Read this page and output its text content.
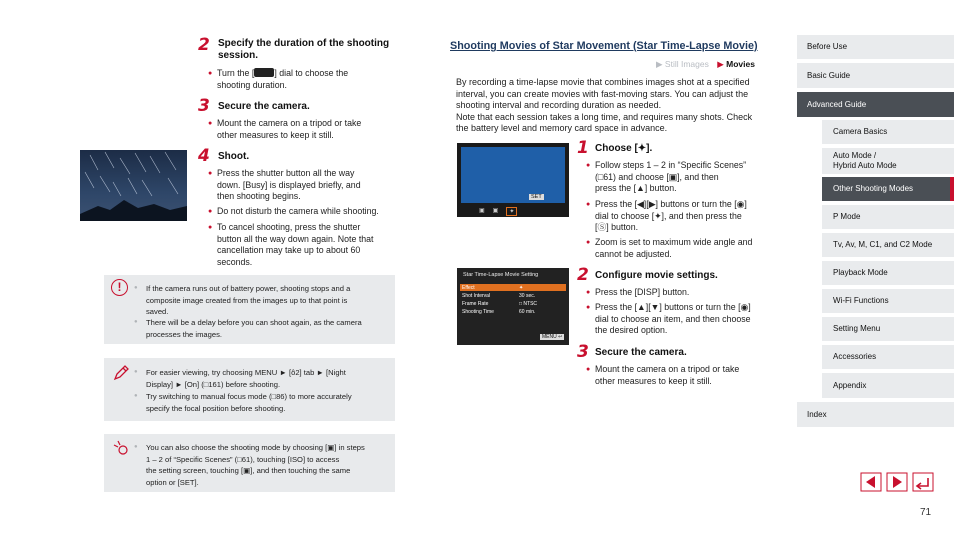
2 Specify the duration of the shooting
session.
● Turn the [ ] dial to choose the
shooting duration.
3 Secure the camera.
● Mount the camera on a tripod or take
other measures to keep it still.
4 Shoot.
● Press the shutter button all the way
down. [Busy] is displayed briefly, and
then shooting begins.
● Do not disturb the camera while shooting.
● To cancel shooting, press the shutter
button all the way down again. Note that
cancellation may take up to about 60
seconds.
!
●	If the camera runs out of battery power, shooting stops and a
composite image created from the images up to that point is
saved.
● There will be a delay before you can shoot again, as the camera
processes the images.
● For easier viewing, try choosing MENU ► [ô2] tab ► [Night
Display] ► [On] (□161) before shooting.
● Try switching to manual focus mode (□86) to more accurately
specify the focal position before shooting.
● You can also choose the shooting mode by choosing [▣] in steps
1 – 2 of “Specific Scenes” (□61), touching [ISO] to access
the setting screen, touching [▣], and then touching the same
option or [SET].
Shooting Movies of Star Movement (Star Time-Lapse Movie)
▶ Still Images ▶ Movies
By recording a time-lapse movie that combines images shot at a specified
interval, you can create movies with fast-moving stars. You can adjust the
shooting interval and recording duration as needed.
Note that each session takes a long time, and requires many shots. Check
the battery level and memory card space in advance.
SET
▣ ▣	✦
Star Time-Lapse Movie Setting
Effect
Shot Interval
Frame Rate
Shooting Time
✦
30 sec.
□ NTSC
60 min.
MENU ↩
1 Choose [✦].
● Follow steps 1 – 2 in “Specific Scenes”
(□61) and choose [▣], and then
press the [▲] button.
● Press the [◀][▶] buttons or turn the [◉]
dial to choose [✦], and then press the
[Ⓢ] button.
● Zoom is set to maximum wide angle and
cannot be adjusted.
2 Configure movie settings.
● Press the [DISP] button.
● Press the [▲][▼] buttons or turn the [◉]
dial to choose an item, and then choose
the desired option.
3 Secure the camera.
● Mount the camera on a tripod or take
other measures to keep it still.
Before Use
Basic Guide
Advanced Guide
Camera Basics
Auto Mode /
Hybrid Auto Mode
Other Shooting Modes
P Mode
Tv, Av, M, C1, and C2 Mode
Playback Mode
Wi-Fi Functions
Setting Menu
Accessories
Appendix
Index
71
